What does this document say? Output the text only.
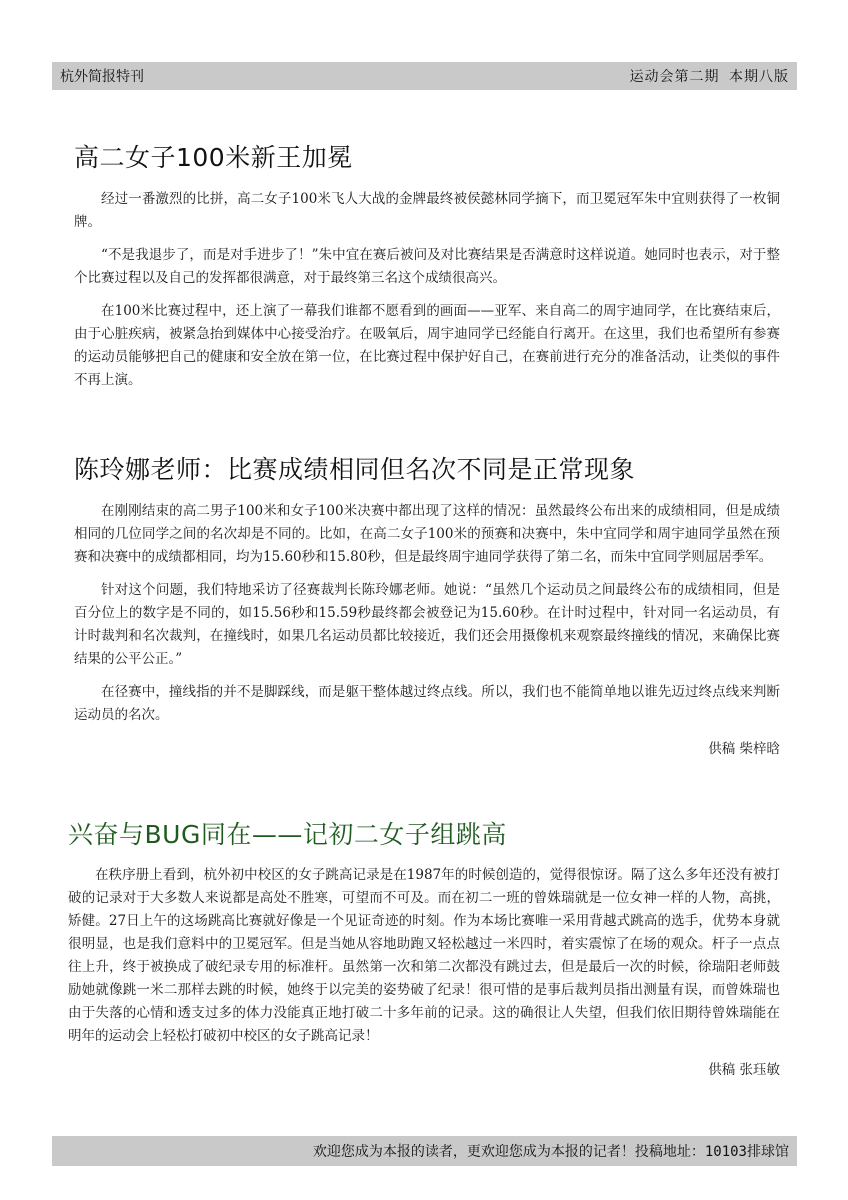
杭外简报特刊	运动会第二期 本期八版
高二女子100米新王加冕

经过一番激烈的比拼，高二女子100米飞人大战的金牌最终被侯懿林同学摘下，而卫冕冠军朱中宜则获得了一枚铜牌。

“不是我退步了，而是对手进步了！”朱中宜在赛后被问及对比赛结果是否满意时这样说道。她同时也表示，对于整个比赛过程以及自己的发挥都很满意，对于最终第三名这个成绩很高兴。

在100米比赛过程中，还上演了一幕我们谁都不愿看到的画面——亚军、来自高二的周宇迪同学，在比赛结束后，由于心脏疾病，被紧急抬到媒体中心接受治疗。在吸氧后，周宇迪同学已经能自行离开。在这里，我们也希望所有参赛的运动员能够把自己的健康和安全放在第一位，在比赛过程中保护好自己，在赛前进行充分的准备活动，让类似的事件不再上演。

陈玲娜老师：比赛成绩相同但名次不同是正常现象

在刚刚结束的高二男子100米和女子100米决赛中都出现了这样的情况：虽然最终公布出来的成绩相同，但是成绩相同的几位同学之间的名次却是不同的。比如，在高二女子100米的预赛和决赛中，朱中宜同学和周宇迪同学虽然在预赛和决赛中的成绩都相同，均为15.60秒和15.80秒，但是最终周宇迪同学获得了第二名，而朱中宜同学则屈居季军。

针对这个问题，我们特地采访了径赛裁判长陈玲娜老师。她说：“虽然几个运动员之间最终公布的成绩相同，但是百分位上的数字是不同的，如15.56秒和15.59秒最终都会被登记为15.60秒。在计时过程中，针对同一名运动员，有计时裁判和名次裁判，在撞线时，如果几名运动员都比较接近，我们还会用摄像机来观察最终撞线的情况，来确保比赛结果的公平公正。”

在径赛中，撞线指的并不是脚踩线，而是躯干整体越过终点线。所以，我们也不能简单地以谁先迈过终点线来判断运动员的名次。

供稿 柴梓晗
兴奋与BUG同在——记初二女子组跳高

在秩序册上看到，杭外初中校区的女子跳高记录是在1987年的时候创造的，觉得很惊讶。隔了这么多年还没有被打破的记录对于大多数人来说都是高处不胜寒，可望而不可及。而在初二一班的曾姝瑞就是一位女神一样的人物，高挑，矫健。27日上午的这场跳高比赛就好像是一个见证奇迹的时刻。作为本场比赛唯一采用背越式跳高的选手，优势本身就很明显，也是我们意料中的卫冕冠军。但是当她从容地助跑又轻松越过一米四时，着实震惊了在场的观众。杆子一点点往上升，终于被换成了破纪录专用的标准杆。虽然第一次和第二次都没有跳过去，但是最后一次的时候，徐瑞阳老师鼓励她就像跳一米二那样去跳的时候，她终于以完美的姿势破了纪录！很可惜的是事后裁判员指出测量有误，而曾姝瑞也由于失落的心情和透支过多的体力没能真正地打破二十多年前的记录。这的确很让人失望，但我们依旧期待曾姝瑞能在明年的运动会上轻松打破初中校区的女子跳高记录！

供稿 张珏敏
欢迎您成为本报的读者，更欢迎您成为本报的记者！投稿地址：10103排球馆
